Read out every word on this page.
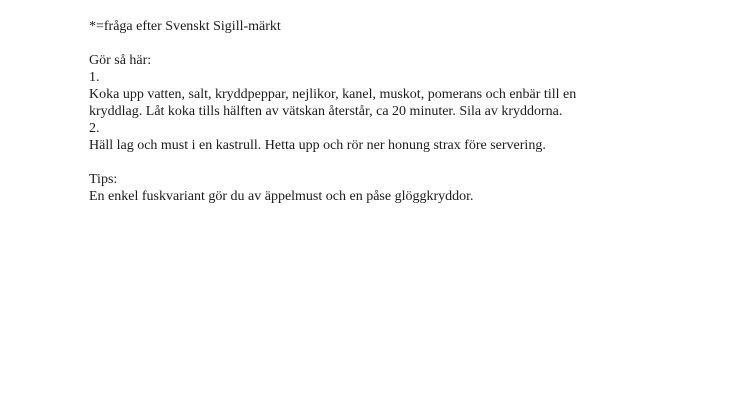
*=fråga efter Svenskt Sigill-märkt
Gör så här:
1.
Koka upp vatten, salt, kryddpeppar, nejlikor, kanel, muskot, pomerans och enbär till en
kryddlag. Låt koka tills hälften av vätskan återstår, ca 20 minuter. Sila av kryddorna.
2.
Häll lag och must i en kastrull. Hetta upp och rör ner honung strax före servering.
Tips:
En enkel fuskvariant gör du av äppelmust och en påse glöggkryddor.
